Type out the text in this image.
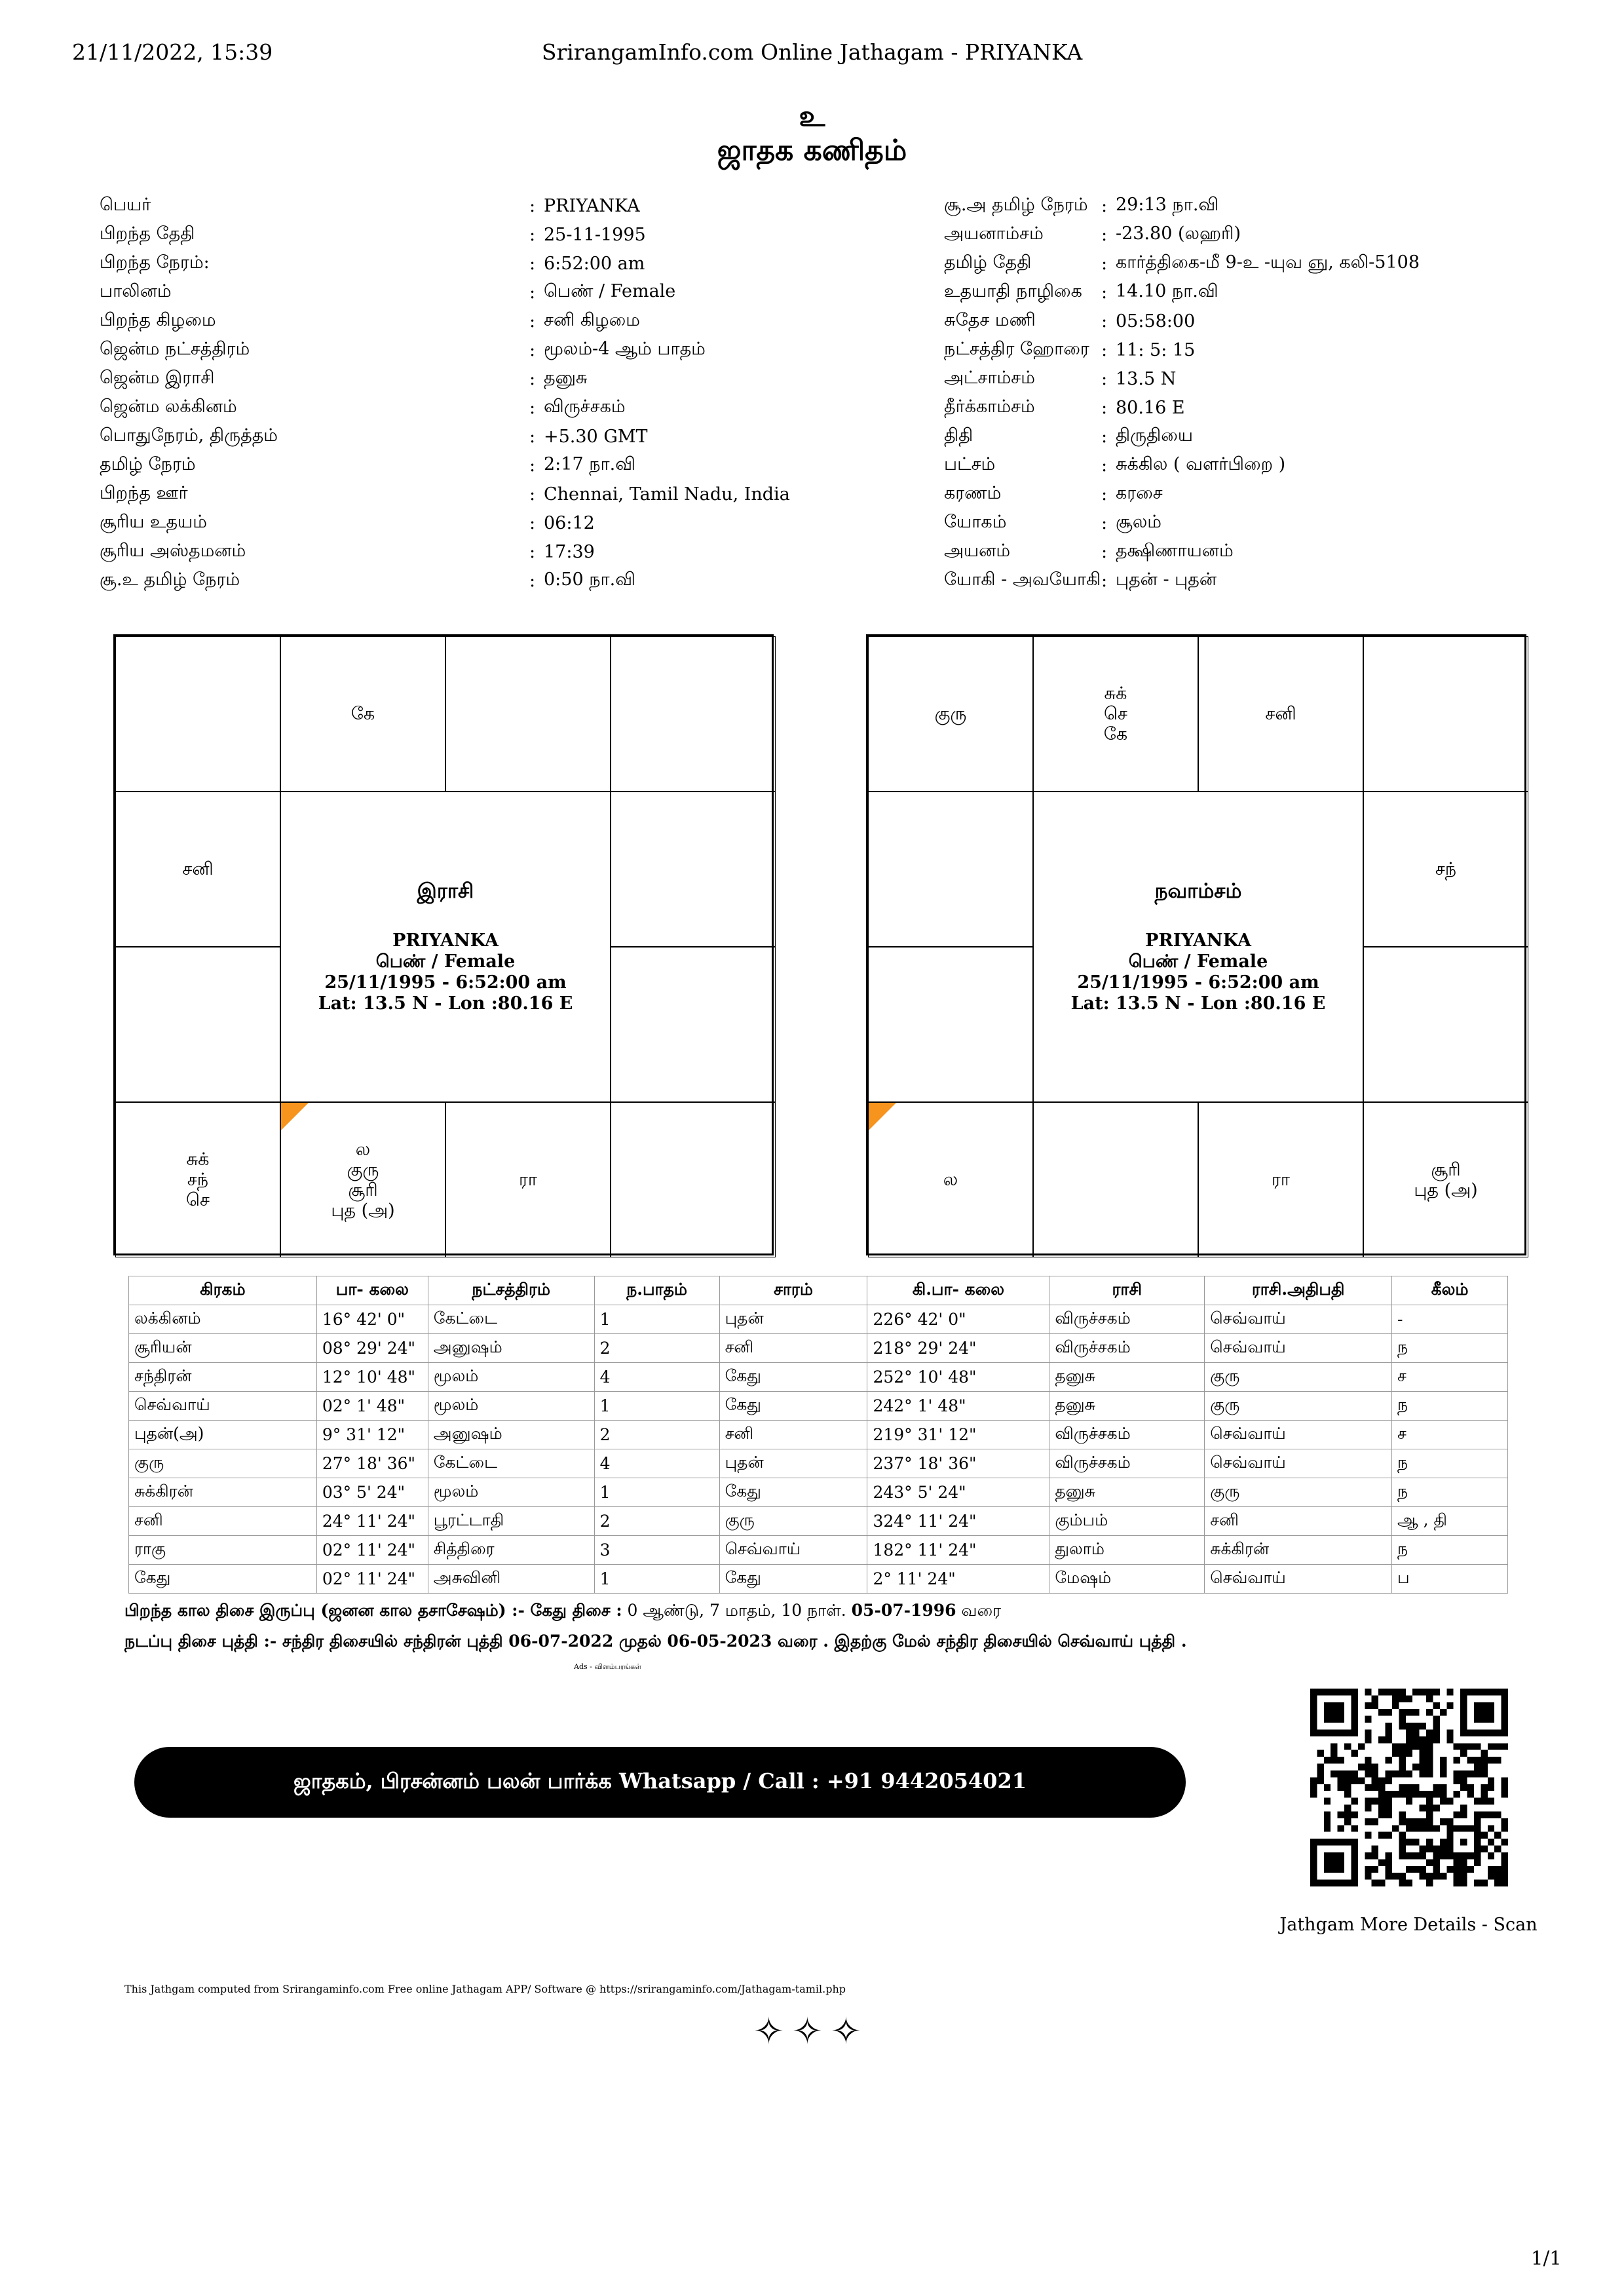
21/11/2022, 15:39	SrirangamInfo.com Online Jathagam - PRIYANKA
உ
ஜாதக கணிதம்
பெயர்	: PRIYANKA
பிறந்த தேதி	: 25-11-1995
பிறந்த நேரம்:	: 6:52:00 am
பாலினம்	: பெண் / Female
பிறந்த கிழமை	: சனி கிழமை
ஜென்ம நட்சத்திரம்	: மூலம்-4 ஆம் பாதம்
ஜென்ம இராசி	: தனுசு
ஜென்ம லக்கினம்	: விருச்சகம்
பொதுநேரம், திருத்தம்	: +5.30 GMT
தமிழ் நேரம்	: 2:17 நா.வி
பிறந்த ஊர்	: Chennai, Tamil Nadu, India
சூரிய உதயம்	: 06:12
சூரிய அஸ்தமனம்	: 17:39
சூ.உ தமிழ் நேரம்	: 0:50 நா.வி
சூ.அ தமிழ் நேரம் : 29:13 நா.வி
அயனாம்சம்	: -23.80 (லஹரி)
தமிழ் தேதி	: கார்த்திகை-மீ 9-உ -யுவ ஞு, கலி-5108
உதயாதி நாழிகை	: 14.10 நா.வி
சுதேச மணி	: 05:58:00
நட்சத்திர ஹோரை : 11: 5: 15
அட்சாம்சம்	: 13.5 N
தீர்க்காம்சம்	: 80.16 E
திதி	: திருதியை
பட்சம்	: சுக்கில ( வளர்பிறை )
கரணம்	: கரசை
யோகம்	: சூலம்
அயனம்	: தக்ஷிணாயனம்
யோகி - அவயோகி : புதன் - புதன்
இராசி
PRIYANKA
பெண் / Female
25/11/1995 - 6:52:00 am
Lat: 13.5 N - Lon :80.16 E
கே
சனி
சுக்
சந்
செ
ல
குரு
சூரி
புத (அ)
ரா
நவாம்சம்
PRIYANKA
பெண் / Female
25/11/1995 - 6:52:00 am
Lat: 13.5 N - Lon :80.16 E
குரு
சுக்
செ
கே
சனி
சந்
ல	ரா	சூரி
புத (அ)
கிரகம்	பா- கலை	நட்சத்திரம்	ந.பாதம்	சாரம்	கி.பா- கலை	ராசி	ராசி.அதிபதி	கீலம்
லக்கினம்	16° 42' 0"	கேட்டை	1	புதன்	226° 42' 0"	விருச்சகம்	செவ்வாய்	-
சூரியன்	08° 29' 24"	அனுஷம்	2	சனி	218° 29' 24"	விருச்சகம்	செவ்வாய்	ந
சந்திரன்	12° 10' 48"	மூலம்	4	கேது	252° 10' 48"	தனுசு	குரு	ச
செவ்வாய்	02° 1' 48"	மூலம்	1	கேது	242° 1' 48"	தனுசு	குரு	ந
புதன்(அ)	9° 31' 12"	அனுஷம்	2	சனி	219° 31' 12"	விருச்சகம்	செவ்வாய்	ச
குரு	27° 18' 36"	கேட்டை	4	புதன்	237° 18' 36"	விருச்சகம்	செவ்வாய்	ந
சுக்கிரன்	03° 5' 24"	மூலம்	1	கேது	243° 5' 24"	தனுசு	குரு	ந
சனி	24° 11' 24"	பூரட்டாதி	2	குரு	324° 11' 24"	கும்பம்	சனி	ஆ , தி
ராகு	02° 11' 24"	சித்திரை	3	செவ்வாய்	182° 11' 24"	துலாம்	சுக்கிரன்	ந
கேது	02° 11' 24"	அசுவினி	1	கேது	2° 11' 24"	மேஷம்	செவ்வாய்	ப
பிறந்த கால திசை இருப்பு (ஜனன கால தசாசேஷம்) :- கேது திசை : 0 ஆண்டு, 7 மாதம், 10 நாள். 05-07-1996 வரை
நடப்பு திசை புத்தி :- சந்திர திசையில் சந்திரன் புத்தி 06-07-2022 முதல் 06-05-2023 வரை . இதற்கு மேல் சந்திர திசையில் செவ்வாய் புத்தி .
Ads - விளம்பரங்கள்
ஜாதகம், பிரசன்னம் பலன் பார்க்க Whatsapp / Call : +91 9442054021
Jathgam More Details - Scan
This Jathgam computed from Srirangaminfo.com Free online Jathagam APP/ Software @ https://srirangaminfo.com/Jathagam-tamil.php
✧✧✧
1/1
